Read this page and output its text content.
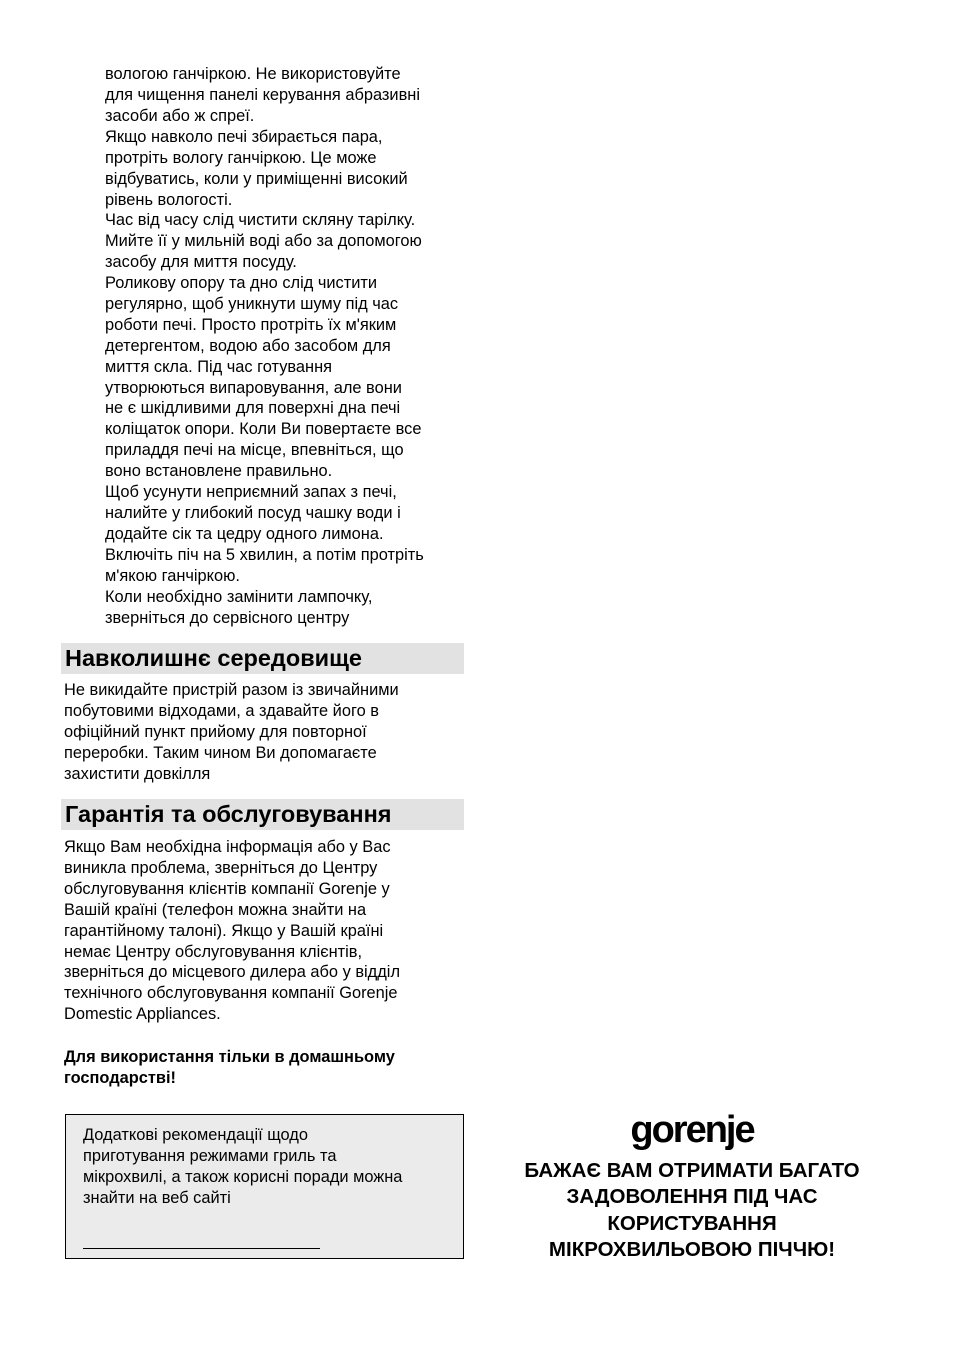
вологою ганчіркою. Не використовуйте
для чищення панелі керування абразивні
засоби або ж спреї.

Якщо навколо печі збирається пара,
протріть вологу ганчіркою. Це може
відбуватись, коли у приміщенні високий
рівень вологості.

Час від часу слід чистити скляну тарілку.
Мийте її у мильній воді або за допомогою
засобу для миття посуду.

Роликову опору та дно слід чистити
регулярно, щоб уникнути шуму під час
роботи печі. Просто протріть їх м'яким
детергентом, водою або засобом для
миття скла. Під час готування
утворюються випаровування, але вони
не є шкідливими для поверхні дна печі
коліщаток опори. Коли Ви повертаєте все
приладдя печі на місце, впевніться, що
воно встановлене правильно.

Щоб усунути неприємний запах з печі,
налийте у глибокий посуд чашку води і
додайте сік та цедру одного лимона.
Включіть піч на 5 хвилин, а потім протріть
м'якою ганчіркою.

Коли необхідно замінити лампочку,
зверніться до сервісного центру

Навколишнє середовище

Не викидайте пристрій разом із звичайними
побутовими відходами, а здавайте його в
офіційний пункт прийому для повторної
переробки. Таким чином Ви допомагаєте
захистити довкілля

Гарантія та обслуговування

Якщо Вам необхідна інформація або у Вас
виникла проблема, зверніться до Центру
обслуговування клієнтів компанії Gorenje у
Вашій країні (телефон можна знайти на
гарантійному талоні). Якщо у Вашій країні
немає Центру обслуговування клієнтів,
зверніться до місцевого дилера або у відділ
технічного обслуговування компанії Gorenje
Domestic Appliances.

Для використання тільки в домашньому
господарстві!

Додаткові рекомендації щодо
приготування режимами гриль та
мікрохвилі, а також корисні поради можна
знайти на веб сайті

gorenje

БАЖАЄ ВАМ ОТРИМАТИ БАГАТО
ЗАДОВОЛЕННЯ ПІД ЧАС
КОРИСТУВАННЯ
МІКРОХВИЛЬОВОЮ ПІЧЧЮ!
